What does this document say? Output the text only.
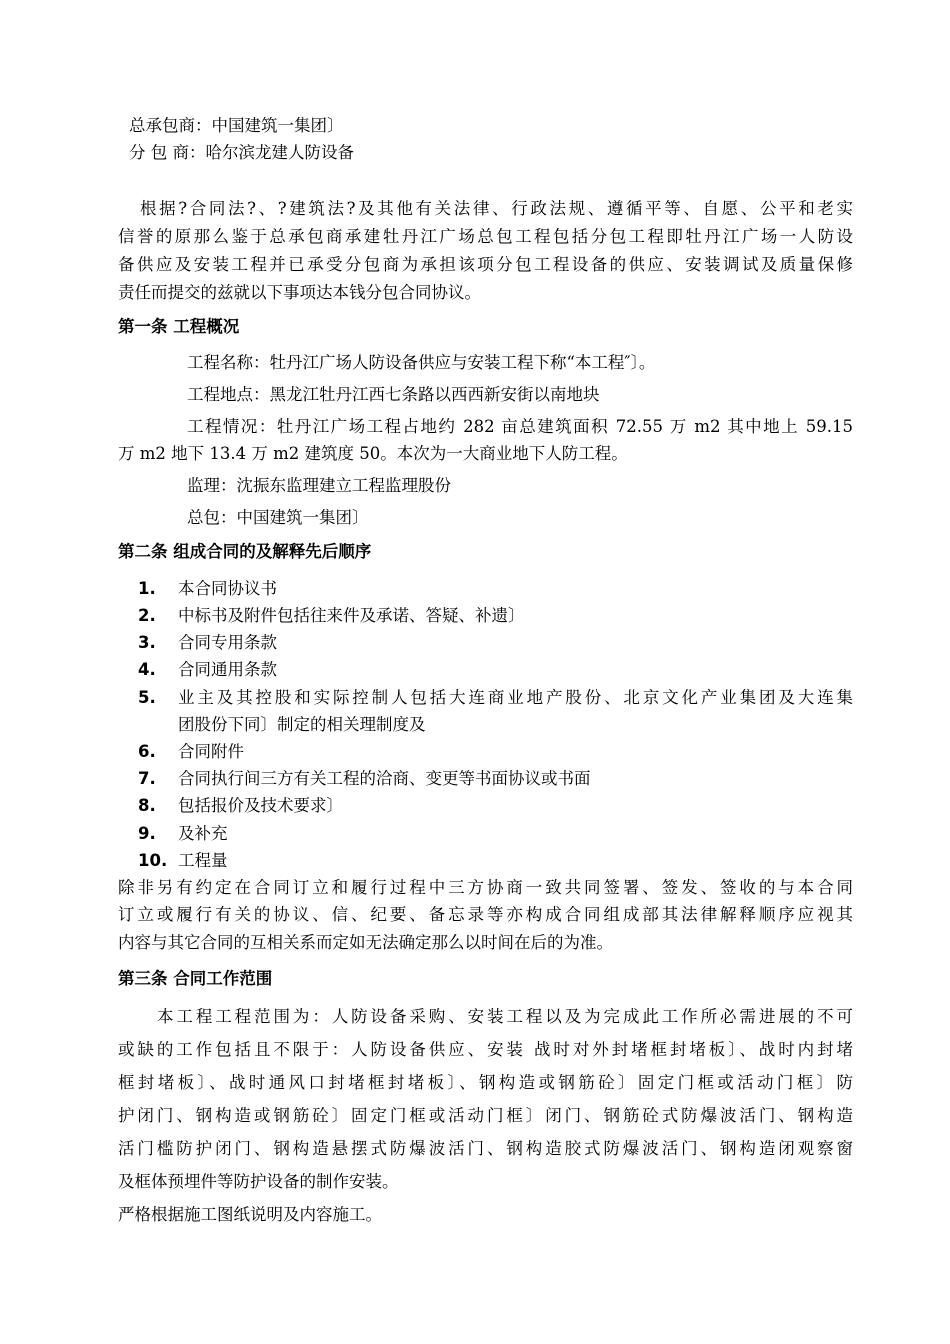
总承包商：中国建筑一集团〕
分 包 商：哈尔滨龙建人防设备
根据?合同法?、?建筑法?及其他有关法律、行政法规、遵循平等、自愿、公平和老实
信誉的原那么鉴于总承包商承建牡丹江广场总包工程包括分包工程即牡丹江广场一人防设
备供应及安装工程并已承受分包商为承担该项分包工程设备的供应、安装调试及质量保修
责任而提交的兹就以下事项达本钱分包合同协议。
第一条 工程概况
工程名称：牡丹江广场人防设备供应与安装工程下称“本工程″〕。
工程地点：黑龙江牡丹江西七条路以西西新安街以南地块
工程情况：牡丹江广场工程占地约 282 亩总建筑面积 72.55 万 m2 其中地上 59.15
万 m2 地下 13.4 万 m2 建筑度 50。本次为一大商业地下人防工程。
监理：沈振东监理建立工程监理股份
总包：中国建筑一集团〕
第二条 组成合同的及解释先后顺序
1. 本合同协议书
2. 中标书及附件包括往来件及承诺、答疑、补遗〕
3. 合同专用条款
4. 合同通用条款
5. 业主及其控股和实际控制人包括大连商业地产股份、北京文化产业集团及大连集
团股份下同〕制定的相关理制度及
6. 合同附件
7. 合同执行间三方有关工程的洽商、变更等书面协议或书面
8. 包括报价及技术要求〕
9. 及补充
10. 工程量
除非另有约定在合同订立和履行过程中三方协商一致共同签署、签发、签收的与本合同
订立或履行有关的协议、信、纪要、备忘录等亦构成合同组成部其法律解释顺序应视其
内容与其它合同的互相关系而定如无法确定那么以时间在后的为准。
第三条 合同工作范围
本工程工程范围为：人防设备采购、安装工程以及为完成此工作所必需进展的不可
或缺的工作包括且不限于：人防设备供应、安装 战时对外封堵框封堵板〕、战时内封堵
框封堵板〕、战时通风口封堵框封堵板〕、钢构造或钢筋砼〕固定门框或活动门框〕防
护闭门、钢构造或钢筋砼〕固定门框或活动门框〕闭门、钢筋砼式防爆波活门、钢构造
活门槛防护闭门、钢构造悬摆式防爆波活门、钢构造胶式防爆波活门、钢构造闭观察窗
及框体预埋件等防护设备的制作安装。
严格根据施工图纸说明及内容施工。
